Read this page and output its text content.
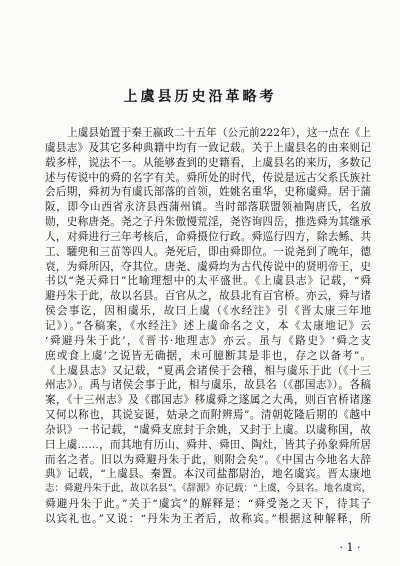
上虞县历史沿革略考
上虞县始置于秦王嬴政二十五年（公元前222年），这一点在《上
虞县志》及其它多种典籍中均有一致记载。关于上虞县名的由来则记
载多样，说法不一。从能够查到的史籍看，上虞县名的来历，多数记
述与传说中的舜的名字有关。舜所处的时代，传说是远古父系氏族社
会后期，舜初为有虞氏部落的首领，姓姚名重华，史称虞舜。居于蒲
阪，即今山西省永济县西蒲州镇。当时部落联盟领袖陶唐氏，名放
勋，史称唐尧。尧之子丹朱傲慢荒淫，尧咨询四岳，推选舜为其继承
人，对舜进行三年考核后，命舜摄位行政。舜巡行四方，除去鲧、共
工、驩兜和三苗等四人。尧死后，即由舜即位。一说尧到了晚年，德
衰，为舜所囚，夺其位。唐尧、虞舜均为古代传说中的贤明帝王，史
书以“尧天舜日”比喻理想中的太平盛世。《上虞县志》记载，“舜
避丹朱于此，故以名县。百官从之，故县北有百官桥。亦云，舜与诸
侯会事讫，因相虞乐，故曰上虞（《水经注》引《晋太康三年地
记》）。”各稿案，《水经注》述上虞命名之文，本《太康地记》云
‘舜避丹朱于此’，《晋书·地理志》亦云。虽与《路史》‘舜之支
庶或食上虞’之说皆无确据，未可臆断其是非也，存之以备考”。
《上虞县志》又记载，“夏禹会诸侯于会稽，相与虞乐于此（《十三
州志》）。禹与诸侯会事于此，相与虞乐，故县名（《郡国志》）。各稿
案，《十三州志》及《郡国志》移虞舜之遂属之大禹，则百官桥诸遂
又何以称也，其说妄诞，姑录之而附辨焉”。清朝乾隆后期的《越中
杂识》一书记载，“虞舜支庶封于余姚，又封于上虞。以虞称国，故
曰上虞……，而其地有历山、舜井、舜田、陶灶，皆其子孙象舜所居
而名之者。旧以为舜避丹朱于此，则附会矣”。《中国古今地名大辞
典》记载，“上虞县。秦置。本汉司盐都尉治，地名虞宾。晋太康地
志：舜避丹朱于此，故以名县”。《辞源》亦记载：“上虞，今县名。地名虞宾，
舜避丹朱于此。”关于“虞宾”的解释是：“舜受尧之天下，待其子
以宾礼也。”又说：“丹朱为王者后，故称宾。”根据这种解释，所
· 1 ·
